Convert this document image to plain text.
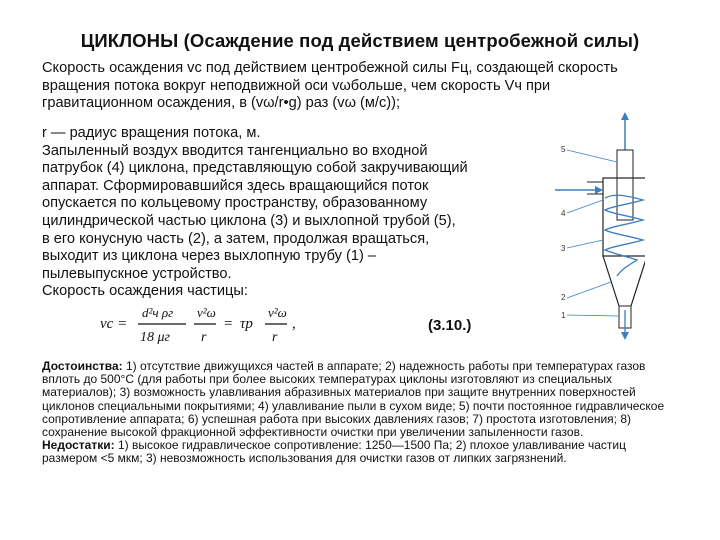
ЦИКЛОНЫ (Осаждение под действием центробежной силы)

Скорость осаждения vс под действием центробежной силы Fц, создающей скорость

вращения потока вокруг неподвижной оси vωбольше, чем скорость Vч при

гравитационном осаждения, в (vω/r•g) раз (vω (м/с));

r — радиус вращения потока, м.

Запыленный воздух вводится тангенциально во входной

патрубок (4) циклона, представляющую собой закручивающий

аппарат. Сформировавшийся здесь вращающийся поток

опускается по кольцевому пространству, образованному

цилиндрической частью циклона (3) и выхлопной трубой (5),

в его конусную часть (2), а затем, продолжая вращаться,

выходит из циклона через выхлопную трубу (1) –

пылевыпускное устройство.

Скорость осаждения частицы:

vс =
d²ч ρг
18 μг
v²ω
r
= τр
v²ω
r
,	(3.10.)
5
4
3
2
1

Достоинства: 1) отсутствие движущихся частей в аппарате; 2) надежность работы при температурах газов вплоть до 500°С (для работы при более высоких температурах циклоны изготовляют из специальных материалов); 3) возможность улавливания абразивных материалов при защите внутренних поверхностей циклонов специальными покрытиями; 4) улавливание пыли в сухом виде; 5) почти постоянное гидравлическое сопротивление аппарата; 6) успешная работа при высоких давлениях газов; 7) простота изготовления; 8) сохранение высокой фракционной эффективности очистки при увеличении запыленности газов.

Недостатки: 1) высокое гидравлическое сопротивление: 1250—1500 Па; 2) плохое улавливание частиц размером <5 мкм; 3) невозможность использования для очистки газов от липких загрязнений.
